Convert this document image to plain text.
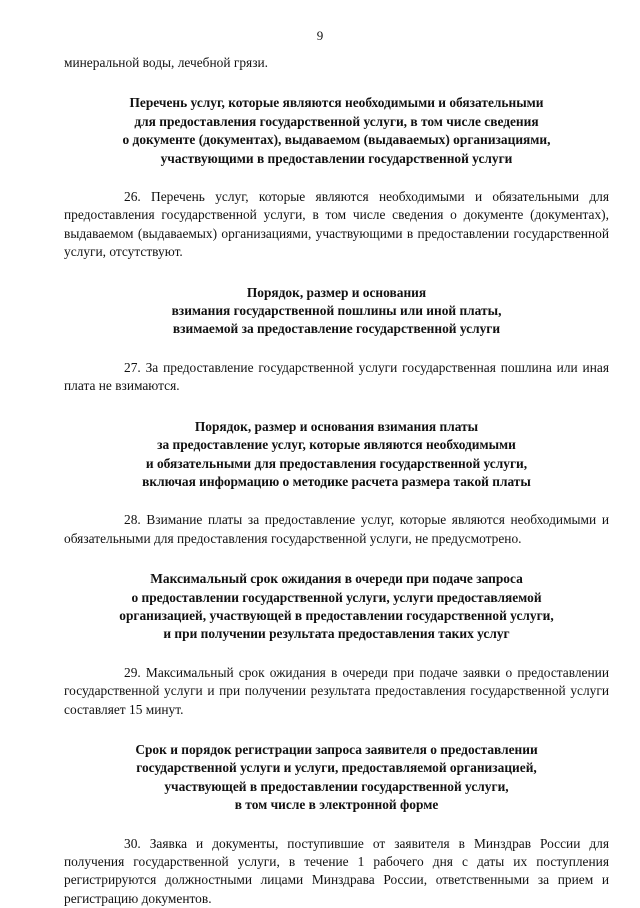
9

минеральной воды, лечебной грязи.

Перечень услуг, которые являются необходимыми и обязательными
для предоставления государственной услуги, в том числе сведения
о документе (документах), выдаваемом (выдаваемых) организациями,
участвующими в предоставлении государственной услуги

26. Перечень услуг, которые являются необходимыми и обязательными для предоставления государственной услуги, в том числе сведения о документе (документах), выдаваемом (выдаваемых) организациями, участвующими в предоставлении государственной услуги, отсутствуют.

Порядок, размер и основания
взимания государственной пошлины или иной платы,
взимаемой за предоставление государственной услуги

27. За предоставление государственной услуги государственная пошлина или иная плата не взимаются.

Порядок, размер и основания взимания платы
за предоставление услуг, которые являются необходимыми
и обязательными для предоставления государственной услуги,
включая информацию о методике расчета размера такой платы

28. Взимание платы за предоставление услуг, которые являются необходимыми и обязательными для предоставления государственной услуги, не предусмотрено.

Максимальный срок ожидания в очереди при подаче запроса
о предоставлении государственной услуги, услуги предоставляемой
организацией, участвующей в предоставлении государственной услуги,
и при получении результата предоставления таких услуг

29. Максимальный срок ожидания в очереди при подаче заявки о предоставлении государственной услуги и при получении результата предоставления государственной услуги составляет 15 минут.

Срок и порядок регистрации запроса заявителя о предоставлении
государственной услуги и услуги, предоставляемой организацией,
участвующей в предоставлении государственной услуги,
в том числе в электронной форме

30. Заявка и документы, поступившие от заявителя в Минздрав России для получения государственной услуги, в течение 1 рабочего дня с даты их поступления регистрируются должностными лицами Минздрава России, ответственными за прием и регистрацию документов.
